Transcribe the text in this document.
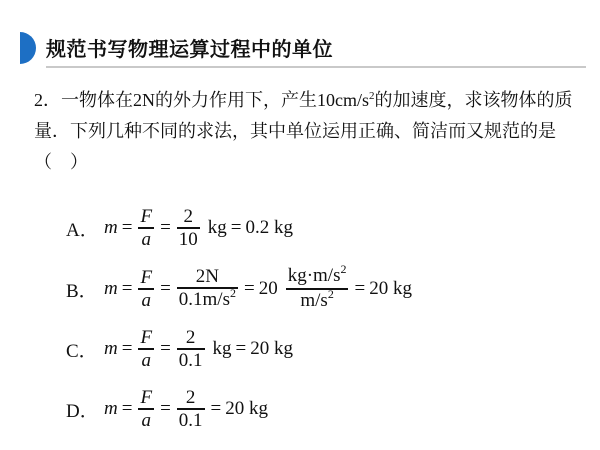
规范书写物理运算过程中的单位
2．一物体在2N的外力作用下，产生$10cm/s^2$的加速度，求该物体的质量．下列几种不同的求法，其中单位运用正确、简洁而又规范的是（　）
A． $m = \frac{F}{a} = \frac{2}{10}$ kg = 0.2 kg
B． $m = \frac{F}{a} = \frac{2N}{0.1m/s^2} = 20 \frac{kg\cdot m/s^2}{m/s^2} = 20$ kg
C． $m = \frac{F}{a} = \frac{2}{0.1}$ kg = 20 kg
D． $m = \frac{F}{a} = \frac{2}{0.1} = 20$ kg
